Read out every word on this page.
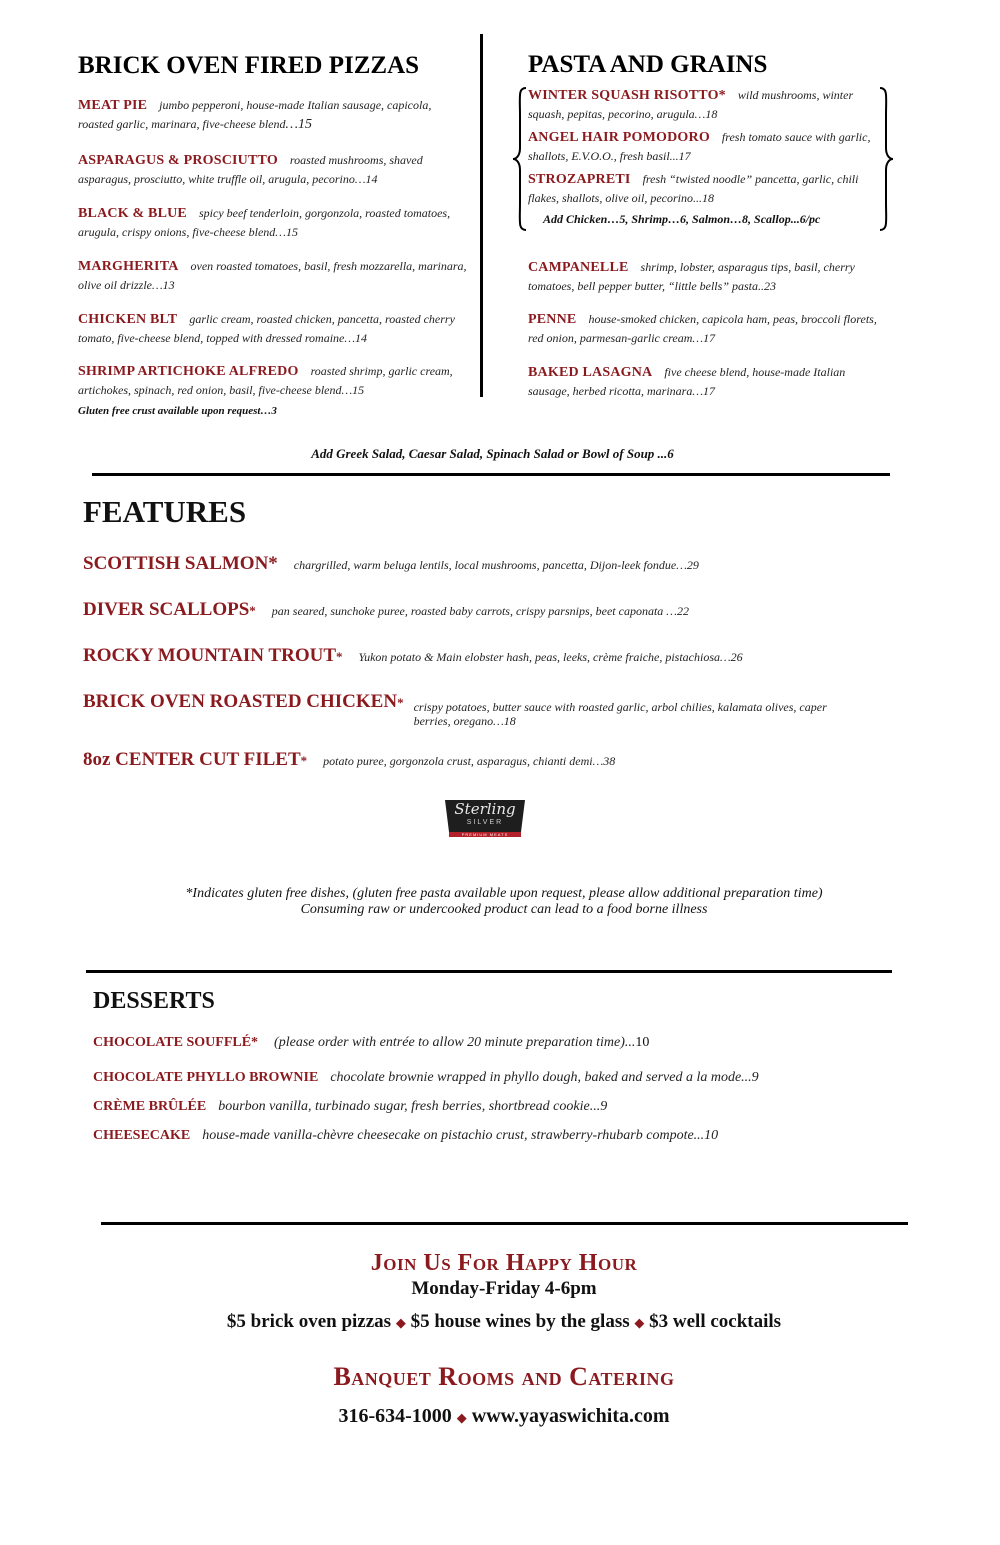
BRICK OVEN FIRED PIZZAS
MEAT PIE jumbo pepperoni, house-made Italian sausage, capicola, roasted garlic, marinara, five-cheese blend…15
ASPARAGUS & PROSCIUTTO roasted mushrooms, shaved asparagus, prosciutto, white truffle oil, arugula, pecorino…14
BLACK & BLUE spicy beef tenderloin, gorgonzola, roasted tomatoes, arugula, crispy onions, five-cheese blend…15
MARGHERITA oven roasted tomatoes, basil, fresh mozzarella, marinara, olive oil drizzle…13
CHICKEN BLT garlic cream, roasted chicken, pancetta, roasted cherry tomato, five-cheese blend, topped with dressed romaine…14
SHRIMP ARTICHOKE ALFREDO roasted shrimp, garlic cream, artichokes, spinach, red onion, basil, five-cheese blend…15
Gluten free crust available upon request…3
PASTA AND GRAINS
WINTER SQUASH RISOTTO* wild mushrooms, winter squash, pepitas, pecorino, arugula…18
ANGEL HAIR POMODORO fresh tomato sauce with garlic, shallots, E.V.O.O., fresh basil...17
STROZAPRETI fresh “twisted noodle” pancetta, garlic, chili flakes, shallots, olive oil, pecorino...18
Add Chicken…5, Shrimp…6, Salmon…8, Scallop...6/pc
CAMPANELLE shrimp, lobster, asparagus tips, basil, cherry tomatoes, bell pepper butter, “little bells” pasta..23
PENNE house-smoked chicken, capicola ham, peas, broccoli florets, red onion, parmesan-garlic cream…17
BAKED LASAGNA five cheese blend, house-made Italian sausage, herbed ricotta, marinara…17
Add Greek Salad, Caesar Salad, Spinach Salad or Bowl of Soup ...6
FEATURES
SCOTTISH SALMON* chargrilled, warm beluga lentils, local mushrooms, pancetta, Dijon-leek fondue…29
DIVER SCALLOPS* pan seared, sunchoke puree, roasted baby carrots, crispy parsnips, beet caponata …22
ROCKY MOUNTAIN TROUT* Yukon potato & Main elobster hash, peas, leeks, crème fraiche, pistachiosa…26
BRICK OVEN ROASTED CHICKEN* crispy potatoes, butter sauce with roasted garlic, arbol chilies, kalamata olives, caper berries, oregano…18
8oz CENTER CUT FILET* potato puree, gorgonzola crust, asparagus, chianti demi…38
Sterling
SILVER
PREMIUM MEATS
*Indicates gluten free dishes, (gluten free pasta available upon request, please allow additional preparation time)
Consuming raw or undercooked product can lead to a food borne illness
DESSERTS
CHOCOLATE SOUFFLÉ* (please order with entrée to allow 20 minute preparation time)...10
CHOCOLATE PHYLLO BROWNIE chocolate brownie wrapped in phyllo dough, baked and served a la mode...9
CRÈME BRÛLÉE bourbon vanilla, turbinado sugar, fresh berries, shortbread cookie...9
CHEESECAKE house-made vanilla-chèvre cheesecake on pistachio crust, strawberry-rhubarb compote...10
Join Us For Happy Hour
Monday-Friday 4-6pm
$5 brick oven pizzas ◆ $5 house wines by the glass ◆ $3 well cocktails
Banquet Rooms and Catering
316-634-1000 ◆ www.yayaswichita.com
